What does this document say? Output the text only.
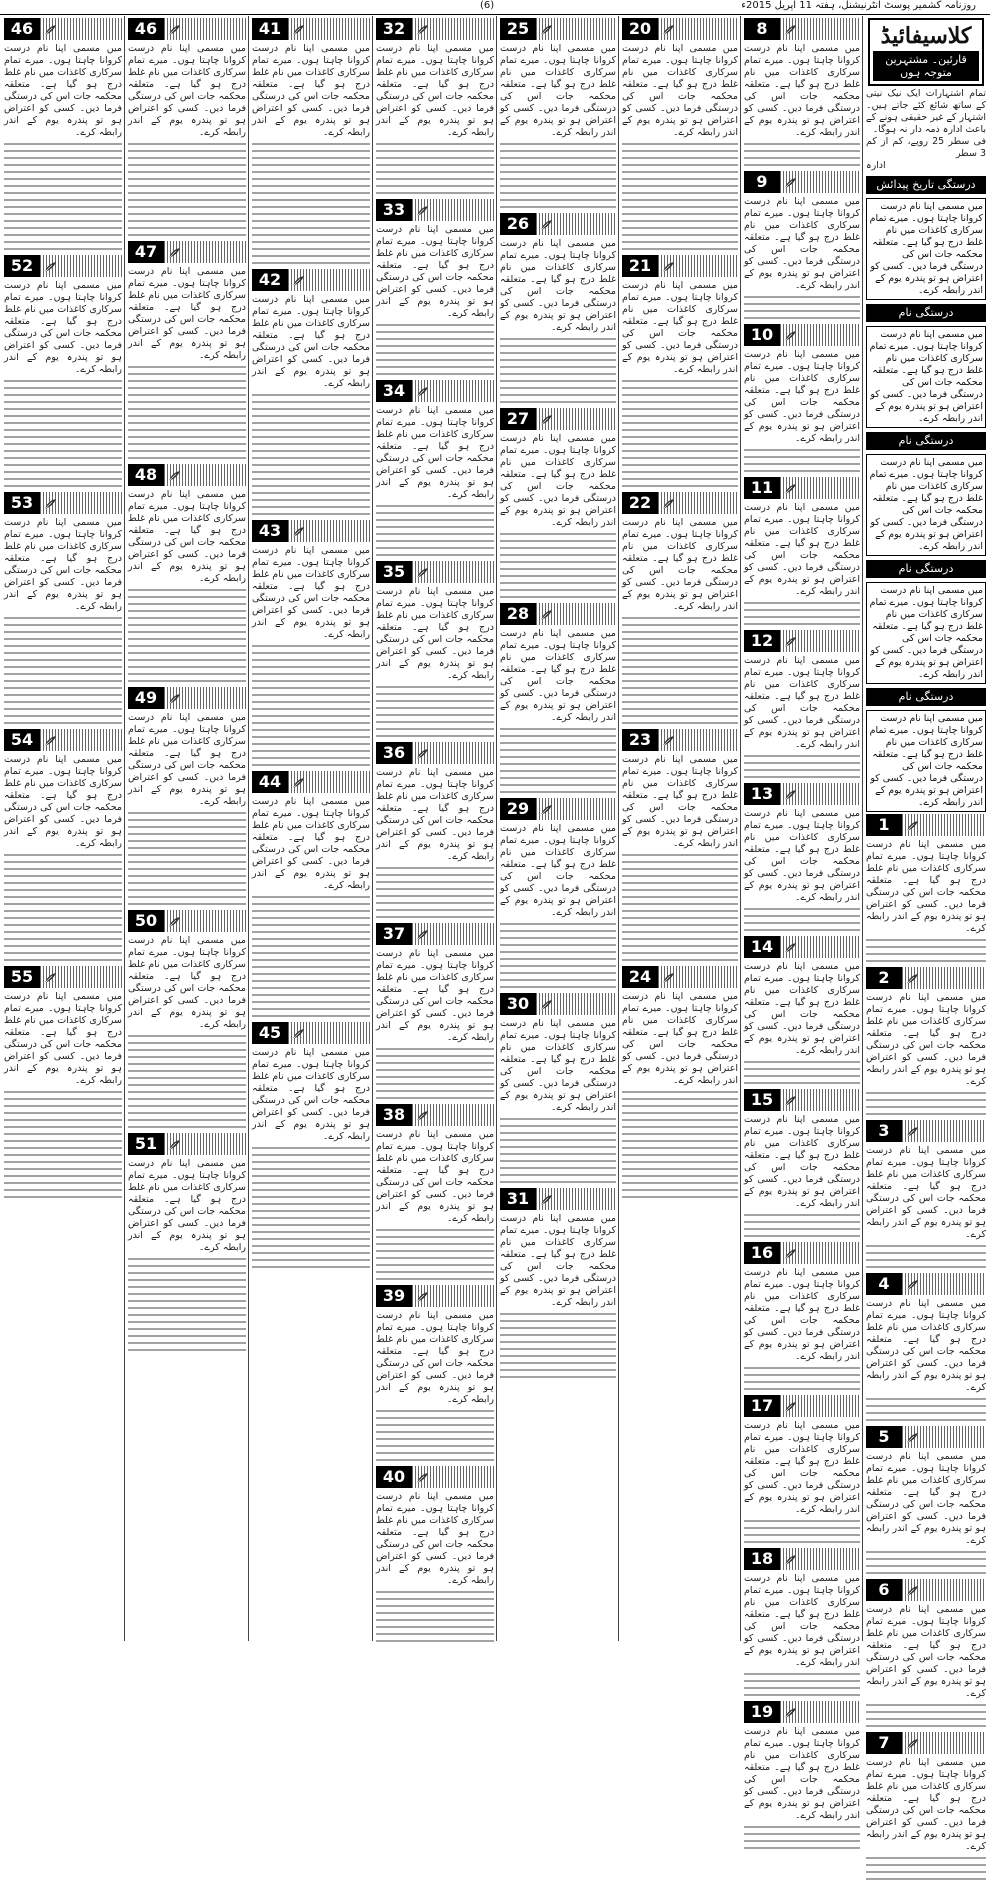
(6)	روزنامہ کشمیر پوسٹ انٹرنیشنل، ہفتہ 11 اپریل 2015ء
کلاسیفائیڈ
قارئین۔ مشتہرین متوجہ ہوں
تمام اشتہارات ایک نیک نیتی کے ساتھ شائع کئے جاتے ہیں۔ اشتہار کے غیر حقیقی ہونے کے باعث ادارہ ذمہ دار نہ ہوگا۔
فی سطر 25 روپے، کم از کم 3 سطر
ادارہ
درستگی تاریخ پیدائش
میں مسمی اپنا نام درست کروانا چاہتا ہوں۔ میرے تمام سرکاری کاغذات میں نام غلط درج ہو گیا ہے۔ متعلقہ محکمہ جات اس کی درستگی فرما دیں۔ کسی کو اعتراض ہو تو پندرہ یوم کے اندر رابطہ کرے۔
درستگی نام
میں مسمی اپنا نام درست کروانا چاہتا ہوں۔ میرے تمام سرکاری کاغذات میں نام غلط درج ہو گیا ہے۔ متعلقہ محکمہ جات اس کی درستگی فرما دیں۔ کسی کو اعتراض ہو تو پندرہ یوم کے اندر رابطہ کرے۔
درستگی نام
میں مسمی اپنا نام درست کروانا چاہتا ہوں۔ میرے تمام سرکاری کاغذات میں نام غلط درج ہو گیا ہے۔ متعلقہ محکمہ جات اس کی درستگی فرما دیں۔ کسی کو اعتراض ہو تو پندرہ یوم کے اندر رابطہ کرے۔
درستگی نام
میں مسمی اپنا نام درست کروانا چاہتا ہوں۔ میرے تمام سرکاری کاغذات میں نام غلط درج ہو گیا ہے۔ متعلقہ محکمہ جات اس کی درستگی فرما دیں۔ کسی کو اعتراض ہو تو پندرہ یوم کے اندر رابطہ کرے۔
درستگی نام
میں مسمی اپنا نام درست کروانا چاہتا ہوں۔ میرے تمام سرکاری کاغذات میں نام غلط درج ہو گیا ہے۔ متعلقہ محکمہ جات اس کی درستگی فرما دیں۔ کسی کو اعتراض ہو تو پندرہ یوم کے اندر رابطہ کرے۔
1
میں مسمی اپنا نام درست کروانا چاہتا ہوں۔ میرے تمام سرکاری کاغذات میں نام غلط درج ہو گیا ہے۔ متعلقہ محکمہ جات اس کی درستگی فرما دیں۔ کسی کو اعتراض ہو تو پندرہ یوم کے اندر رابطہ کرے۔
2
میں مسمی اپنا نام درست کروانا چاہتا ہوں۔ میرے تمام سرکاری کاغذات میں نام غلط درج ہو گیا ہے۔ متعلقہ محکمہ جات اس کی درستگی فرما دیں۔ کسی کو اعتراض ہو تو پندرہ یوم کے اندر رابطہ کرے۔
3
میں مسمی اپنا نام درست کروانا چاہتا ہوں۔ میرے تمام سرکاری کاغذات میں نام غلط درج ہو گیا ہے۔ متعلقہ محکمہ جات اس کی درستگی فرما دیں۔ کسی کو اعتراض ہو تو پندرہ یوم کے اندر رابطہ کرے۔
4
میں مسمی اپنا نام درست کروانا چاہتا ہوں۔ میرے تمام سرکاری کاغذات میں نام غلط درج ہو گیا ہے۔ متعلقہ محکمہ جات اس کی درستگی فرما دیں۔ کسی کو اعتراض ہو تو پندرہ یوم کے اندر رابطہ کرے۔
5
میں مسمی اپنا نام درست کروانا چاہتا ہوں۔ میرے تمام سرکاری کاغذات میں نام غلط درج ہو گیا ہے۔ متعلقہ محکمہ جات اس کی درستگی فرما دیں۔ کسی کو اعتراض ہو تو پندرہ یوم کے اندر رابطہ کرے۔
6
میں مسمی اپنا نام درست کروانا چاہتا ہوں۔ میرے تمام سرکاری کاغذات میں نام غلط درج ہو گیا ہے۔ متعلقہ محکمہ جات اس کی درستگی فرما دیں۔ کسی کو اعتراض ہو تو پندرہ یوم کے اندر رابطہ کرے۔
7
میں مسمی اپنا نام درست کروانا چاہتا ہوں۔ میرے تمام سرکاری کاغذات میں نام غلط درج ہو گیا ہے۔ متعلقہ محکمہ جات اس کی درستگی فرما دیں۔ کسی کو اعتراض ہو تو پندرہ یوم کے اندر رابطہ کرے۔
8
میں مسمی اپنا نام درست کروانا چاہتا ہوں۔ میرے تمام سرکاری کاغذات میں نام غلط درج ہو گیا ہے۔ متعلقہ محکمہ جات اس کی درستگی فرما دیں۔ کسی کو اعتراض ہو تو پندرہ یوم کے اندر رابطہ کرے۔
9
میں مسمی اپنا نام درست کروانا چاہتا ہوں۔ میرے تمام سرکاری کاغذات میں نام غلط درج ہو گیا ہے۔ متعلقہ محکمہ جات اس کی درستگی فرما دیں۔ کسی کو اعتراض ہو تو پندرہ یوم کے اندر رابطہ کرے۔
10
میں مسمی اپنا نام درست کروانا چاہتا ہوں۔ میرے تمام سرکاری کاغذات میں نام غلط درج ہو گیا ہے۔ متعلقہ محکمہ جات اس کی درستگی فرما دیں۔ کسی کو اعتراض ہو تو پندرہ یوم کے اندر رابطہ کرے۔
11
میں مسمی اپنا نام درست کروانا چاہتا ہوں۔ میرے تمام سرکاری کاغذات میں نام غلط درج ہو گیا ہے۔ متعلقہ محکمہ جات اس کی درستگی فرما دیں۔ کسی کو اعتراض ہو تو پندرہ یوم کے اندر رابطہ کرے۔
12
میں مسمی اپنا نام درست کروانا چاہتا ہوں۔ میرے تمام سرکاری کاغذات میں نام غلط درج ہو گیا ہے۔ متعلقہ محکمہ جات اس کی درستگی فرما دیں۔ کسی کو اعتراض ہو تو پندرہ یوم کے اندر رابطہ کرے۔
13
میں مسمی اپنا نام درست کروانا چاہتا ہوں۔ میرے تمام سرکاری کاغذات میں نام غلط درج ہو گیا ہے۔ متعلقہ محکمہ جات اس کی درستگی فرما دیں۔ کسی کو اعتراض ہو تو پندرہ یوم کے اندر رابطہ کرے۔
14
میں مسمی اپنا نام درست کروانا چاہتا ہوں۔ میرے تمام سرکاری کاغذات میں نام غلط درج ہو گیا ہے۔ متعلقہ محکمہ جات اس کی درستگی فرما دیں۔ کسی کو اعتراض ہو تو پندرہ یوم کے اندر رابطہ کرے۔
15
میں مسمی اپنا نام درست کروانا چاہتا ہوں۔ میرے تمام سرکاری کاغذات میں نام غلط درج ہو گیا ہے۔ متعلقہ محکمہ جات اس کی درستگی فرما دیں۔ کسی کو اعتراض ہو تو پندرہ یوم کے اندر رابطہ کرے۔
16
میں مسمی اپنا نام درست کروانا چاہتا ہوں۔ میرے تمام سرکاری کاغذات میں نام غلط درج ہو گیا ہے۔ متعلقہ محکمہ جات اس کی درستگی فرما دیں۔ کسی کو اعتراض ہو تو پندرہ یوم کے اندر رابطہ کرے۔
17
میں مسمی اپنا نام درست کروانا چاہتا ہوں۔ میرے تمام سرکاری کاغذات میں نام غلط درج ہو گیا ہے۔ متعلقہ محکمہ جات اس کی درستگی فرما دیں۔ کسی کو اعتراض ہو تو پندرہ یوم کے اندر رابطہ کرے۔
18
میں مسمی اپنا نام درست کروانا چاہتا ہوں۔ میرے تمام سرکاری کاغذات میں نام غلط درج ہو گیا ہے۔ متعلقہ محکمہ جات اس کی درستگی فرما دیں۔ کسی کو اعتراض ہو تو پندرہ یوم کے اندر رابطہ کرے۔
19
میں مسمی اپنا نام درست کروانا چاہتا ہوں۔ میرے تمام سرکاری کاغذات میں نام غلط درج ہو گیا ہے۔ متعلقہ محکمہ جات اس کی درستگی فرما دیں۔ کسی کو اعتراض ہو تو پندرہ یوم کے اندر رابطہ کرے۔
20
میں مسمی اپنا نام درست کروانا چاہتا ہوں۔ میرے تمام سرکاری کاغذات میں نام غلط درج ہو گیا ہے۔ متعلقہ محکمہ جات اس کی درستگی فرما دیں۔ کسی کو اعتراض ہو تو پندرہ یوم کے اندر رابطہ کرے۔
21
میں مسمی اپنا نام درست کروانا چاہتا ہوں۔ میرے تمام سرکاری کاغذات میں نام غلط درج ہو گیا ہے۔ متعلقہ محکمہ جات اس کی درستگی فرما دیں۔ کسی کو اعتراض ہو تو پندرہ یوم کے اندر رابطہ کرے۔
22
میں مسمی اپنا نام درست کروانا چاہتا ہوں۔ میرے تمام سرکاری کاغذات میں نام غلط درج ہو گیا ہے۔ متعلقہ محکمہ جات اس کی درستگی فرما دیں۔ کسی کو اعتراض ہو تو پندرہ یوم کے اندر رابطہ کرے۔
23
میں مسمی اپنا نام درست کروانا چاہتا ہوں۔ میرے تمام سرکاری کاغذات میں نام غلط درج ہو گیا ہے۔ متعلقہ محکمہ جات اس کی درستگی فرما دیں۔ کسی کو اعتراض ہو تو پندرہ یوم کے اندر رابطہ کرے۔
24
میں مسمی اپنا نام درست کروانا چاہتا ہوں۔ میرے تمام سرکاری کاغذات میں نام غلط درج ہو گیا ہے۔ متعلقہ محکمہ جات اس کی درستگی فرما دیں۔ کسی کو اعتراض ہو تو پندرہ یوم کے اندر رابطہ کرے۔
25
میں مسمی اپنا نام درست کروانا چاہتا ہوں۔ میرے تمام سرکاری کاغذات میں نام غلط درج ہو گیا ہے۔ متعلقہ محکمہ جات اس کی درستگی فرما دیں۔ کسی کو اعتراض ہو تو پندرہ یوم کے اندر رابطہ کرے۔
26
میں مسمی اپنا نام درست کروانا چاہتا ہوں۔ میرے تمام سرکاری کاغذات میں نام غلط درج ہو گیا ہے۔ متعلقہ محکمہ جات اس کی درستگی فرما دیں۔ کسی کو اعتراض ہو تو پندرہ یوم کے اندر رابطہ کرے۔
27
میں مسمی اپنا نام درست کروانا چاہتا ہوں۔ میرے تمام سرکاری کاغذات میں نام غلط درج ہو گیا ہے۔ متعلقہ محکمہ جات اس کی درستگی فرما دیں۔ کسی کو اعتراض ہو تو پندرہ یوم کے اندر رابطہ کرے۔
28
میں مسمی اپنا نام درست کروانا چاہتا ہوں۔ میرے تمام سرکاری کاغذات میں نام غلط درج ہو گیا ہے۔ متعلقہ محکمہ جات اس کی درستگی فرما دیں۔ کسی کو اعتراض ہو تو پندرہ یوم کے اندر رابطہ کرے۔
29
میں مسمی اپنا نام درست کروانا چاہتا ہوں۔ میرے تمام سرکاری کاغذات میں نام غلط درج ہو گیا ہے۔ متعلقہ محکمہ جات اس کی درستگی فرما دیں۔ کسی کو اعتراض ہو تو پندرہ یوم کے اندر رابطہ کرے۔
30
میں مسمی اپنا نام درست کروانا چاہتا ہوں۔ میرے تمام سرکاری کاغذات میں نام غلط درج ہو گیا ہے۔ متعلقہ محکمہ جات اس کی درستگی فرما دیں۔ کسی کو اعتراض ہو تو پندرہ یوم کے اندر رابطہ کرے۔
31
میں مسمی اپنا نام درست کروانا چاہتا ہوں۔ میرے تمام سرکاری کاغذات میں نام غلط درج ہو گیا ہے۔ متعلقہ محکمہ جات اس کی درستگی فرما دیں۔ کسی کو اعتراض ہو تو پندرہ یوم کے اندر رابطہ کرے۔
32
میں مسمی اپنا نام درست کروانا چاہتا ہوں۔ میرے تمام سرکاری کاغذات میں نام غلط درج ہو گیا ہے۔ متعلقہ محکمہ جات اس کی درستگی فرما دیں۔ کسی کو اعتراض ہو تو پندرہ یوم کے اندر رابطہ کرے۔
33
میں مسمی اپنا نام درست کروانا چاہتا ہوں۔ میرے تمام سرکاری کاغذات میں نام غلط درج ہو گیا ہے۔ متعلقہ محکمہ جات اس کی درستگی فرما دیں۔ کسی کو اعتراض ہو تو پندرہ یوم کے اندر رابطہ کرے۔
34
میں مسمی اپنا نام درست کروانا چاہتا ہوں۔ میرے تمام سرکاری کاغذات میں نام غلط درج ہو گیا ہے۔ متعلقہ محکمہ جات اس کی درستگی فرما دیں۔ کسی کو اعتراض ہو تو پندرہ یوم کے اندر رابطہ کرے۔
35
میں مسمی اپنا نام درست کروانا چاہتا ہوں۔ میرے تمام سرکاری کاغذات میں نام غلط درج ہو گیا ہے۔ متعلقہ محکمہ جات اس کی درستگی فرما دیں۔ کسی کو اعتراض ہو تو پندرہ یوم کے اندر رابطہ کرے۔
36
میں مسمی اپنا نام درست کروانا چاہتا ہوں۔ میرے تمام سرکاری کاغذات میں نام غلط درج ہو گیا ہے۔ متعلقہ محکمہ جات اس کی درستگی فرما دیں۔ کسی کو اعتراض ہو تو پندرہ یوم کے اندر رابطہ کرے۔
37
میں مسمی اپنا نام درست کروانا چاہتا ہوں۔ میرے تمام سرکاری کاغذات میں نام غلط درج ہو گیا ہے۔ متعلقہ محکمہ جات اس کی درستگی فرما دیں۔ کسی کو اعتراض ہو تو پندرہ یوم کے اندر رابطہ کرے۔
38
میں مسمی اپنا نام درست کروانا چاہتا ہوں۔ میرے تمام سرکاری کاغذات میں نام غلط درج ہو گیا ہے۔ متعلقہ محکمہ جات اس کی درستگی فرما دیں۔ کسی کو اعتراض ہو تو پندرہ یوم کے اندر رابطہ کرے۔
39
میں مسمی اپنا نام درست کروانا چاہتا ہوں۔ میرے تمام سرکاری کاغذات میں نام غلط درج ہو گیا ہے۔ متعلقہ محکمہ جات اس کی درستگی فرما دیں۔ کسی کو اعتراض ہو تو پندرہ یوم کے اندر رابطہ کرے۔
40
میں مسمی اپنا نام درست کروانا چاہتا ہوں۔ میرے تمام سرکاری کاغذات میں نام غلط درج ہو گیا ہے۔ متعلقہ محکمہ جات اس کی درستگی فرما دیں۔ کسی کو اعتراض ہو تو پندرہ یوم کے اندر رابطہ کرے۔
41
میں مسمی اپنا نام درست کروانا چاہتا ہوں۔ میرے تمام سرکاری کاغذات میں نام غلط درج ہو گیا ہے۔ متعلقہ محکمہ جات اس کی درستگی فرما دیں۔ کسی کو اعتراض ہو تو پندرہ یوم کے اندر رابطہ کرے۔
42
میں مسمی اپنا نام درست کروانا چاہتا ہوں۔ میرے تمام سرکاری کاغذات میں نام غلط درج ہو گیا ہے۔ متعلقہ محکمہ جات اس کی درستگی فرما دیں۔ کسی کو اعتراض ہو تو پندرہ یوم کے اندر رابطہ کرے۔
43
میں مسمی اپنا نام درست کروانا چاہتا ہوں۔ میرے تمام سرکاری کاغذات میں نام غلط درج ہو گیا ہے۔ متعلقہ محکمہ جات اس کی درستگی فرما دیں۔ کسی کو اعتراض ہو تو پندرہ یوم کے اندر رابطہ کرے۔
44
میں مسمی اپنا نام درست کروانا چاہتا ہوں۔ میرے تمام سرکاری کاغذات میں نام غلط درج ہو گیا ہے۔ متعلقہ محکمہ جات اس کی درستگی فرما دیں۔ کسی کو اعتراض ہو تو پندرہ یوم کے اندر رابطہ کرے۔
45
میں مسمی اپنا نام درست کروانا چاہتا ہوں۔ میرے تمام سرکاری کاغذات میں نام غلط درج ہو گیا ہے۔ متعلقہ محکمہ جات اس کی درستگی فرما دیں۔ کسی کو اعتراض ہو تو پندرہ یوم کے اندر رابطہ کرے۔
46
میں مسمی اپنا نام درست کروانا چاہتا ہوں۔ میرے تمام سرکاری کاغذات میں نام غلط درج ہو گیا ہے۔ متعلقہ محکمہ جات اس کی درستگی فرما دیں۔ کسی کو اعتراض ہو تو پندرہ یوم کے اندر رابطہ کرے۔
47
میں مسمی اپنا نام درست کروانا چاہتا ہوں۔ میرے تمام سرکاری کاغذات میں نام غلط درج ہو گیا ہے۔ متعلقہ محکمہ جات اس کی درستگی فرما دیں۔ کسی کو اعتراض ہو تو پندرہ یوم کے اندر رابطہ کرے۔
48
میں مسمی اپنا نام درست کروانا چاہتا ہوں۔ میرے تمام سرکاری کاغذات میں نام غلط درج ہو گیا ہے۔ متعلقہ محکمہ جات اس کی درستگی فرما دیں۔ کسی کو اعتراض ہو تو پندرہ یوم کے اندر رابطہ کرے۔
49
میں مسمی اپنا نام درست کروانا چاہتا ہوں۔ میرے تمام سرکاری کاغذات میں نام غلط درج ہو گیا ہے۔ متعلقہ محکمہ جات اس کی درستگی فرما دیں۔ کسی کو اعتراض ہو تو پندرہ یوم کے اندر رابطہ کرے۔
50
میں مسمی اپنا نام درست کروانا چاہتا ہوں۔ میرے تمام سرکاری کاغذات میں نام غلط درج ہو گیا ہے۔ متعلقہ محکمہ جات اس کی درستگی فرما دیں۔ کسی کو اعتراض ہو تو پندرہ یوم کے اندر رابطہ کرے۔
51
میں مسمی اپنا نام درست کروانا چاہتا ہوں۔ میرے تمام سرکاری کاغذات میں نام غلط درج ہو گیا ہے۔ متعلقہ محکمہ جات اس کی درستگی فرما دیں۔ کسی کو اعتراض ہو تو پندرہ یوم کے اندر رابطہ کرے۔
46
میں مسمی اپنا نام درست کروانا چاہتا ہوں۔ میرے تمام سرکاری کاغذات میں نام غلط درج ہو گیا ہے۔ متعلقہ محکمہ جات اس کی درستگی فرما دیں۔ کسی کو اعتراض ہو تو پندرہ یوم کے اندر رابطہ کرے۔
52
میں مسمی اپنا نام درست کروانا چاہتا ہوں۔ میرے تمام سرکاری کاغذات میں نام غلط درج ہو گیا ہے۔ متعلقہ محکمہ جات اس کی درستگی فرما دیں۔ کسی کو اعتراض ہو تو پندرہ یوم کے اندر رابطہ کرے۔
53
میں مسمی اپنا نام درست کروانا چاہتا ہوں۔ میرے تمام سرکاری کاغذات میں نام غلط درج ہو گیا ہے۔ متعلقہ محکمہ جات اس کی درستگی فرما دیں۔ کسی کو اعتراض ہو تو پندرہ یوم کے اندر رابطہ کرے۔
54
میں مسمی اپنا نام درست کروانا چاہتا ہوں۔ میرے تمام سرکاری کاغذات میں نام غلط درج ہو گیا ہے۔ متعلقہ محکمہ جات اس کی درستگی فرما دیں۔ کسی کو اعتراض ہو تو پندرہ یوم کے اندر رابطہ کرے۔
55
میں مسمی اپنا نام درست کروانا چاہتا ہوں۔ میرے تمام سرکاری کاغذات میں نام غلط درج ہو گیا ہے۔ متعلقہ محکمہ جات اس کی درستگی فرما دیں۔ کسی کو اعتراض ہو تو پندرہ یوم کے اندر رابطہ کرے۔
